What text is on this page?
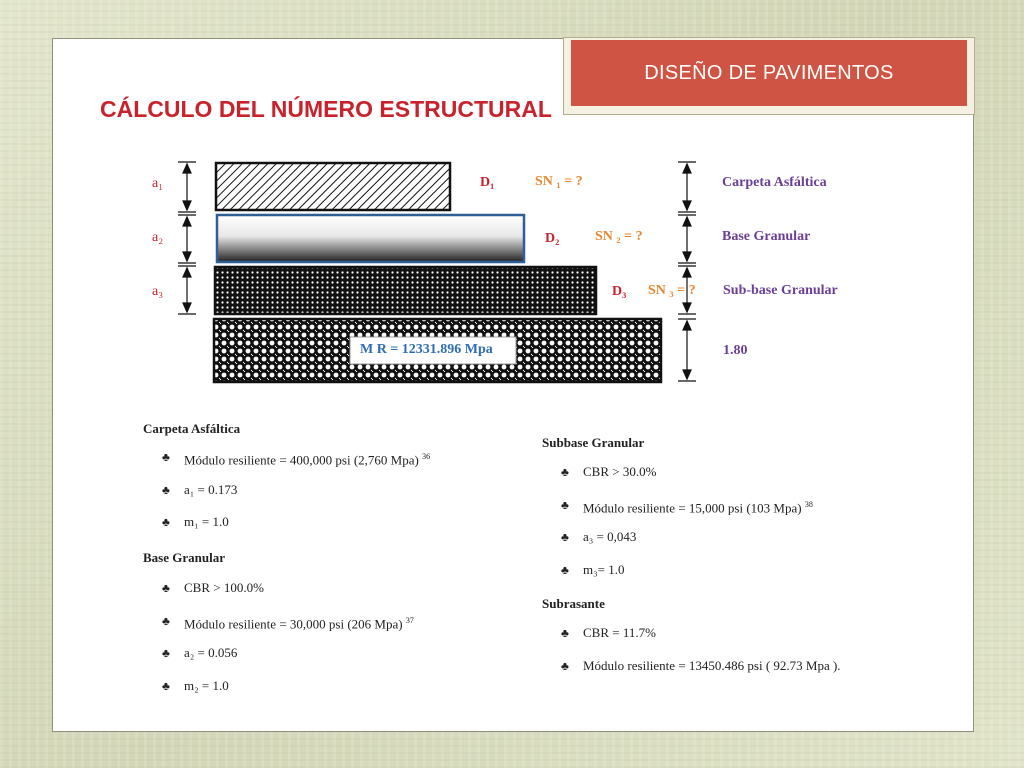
DISEÑO DE PAVIMENTOS
CÁLCULO DEL NÚMERO ESTRUCTURAL
a₁
a₂
a₃
D₁
D₂
D₃
SN ₁ = ?
SN ₂ = ?
SN ₃ = ?
Carpeta Asfáltica
Base Granular
Sub-base Granular
1.80
M R = 12331.896 Mpa
Carpeta Asfáltica
♣ Módulo resiliente = 400,000 psi (2,760 Mpa) $^{36}$
♣ a₁ = 0.173
♣ m₁ = 1.0
Base Granular
♣ CBR > 100.0%
♣ Módulo resiliente = 30,000 psi (206 Mpa) $^{37}$
♣ a₂ = 0.056
♣ m₂ = 1.0
Subbase Granular
♣ CBR > 30.0%
♣ Módulo resiliente = 15,000 psi (103 Mpa) $^{38}$
♣ a₃ = 0,043
♣ m₃= 1.0
Subrasante
♣ CBR = 11.7%
♣ Módulo resiliente = 13450.486 psi ( 92.73 Mpa ).
